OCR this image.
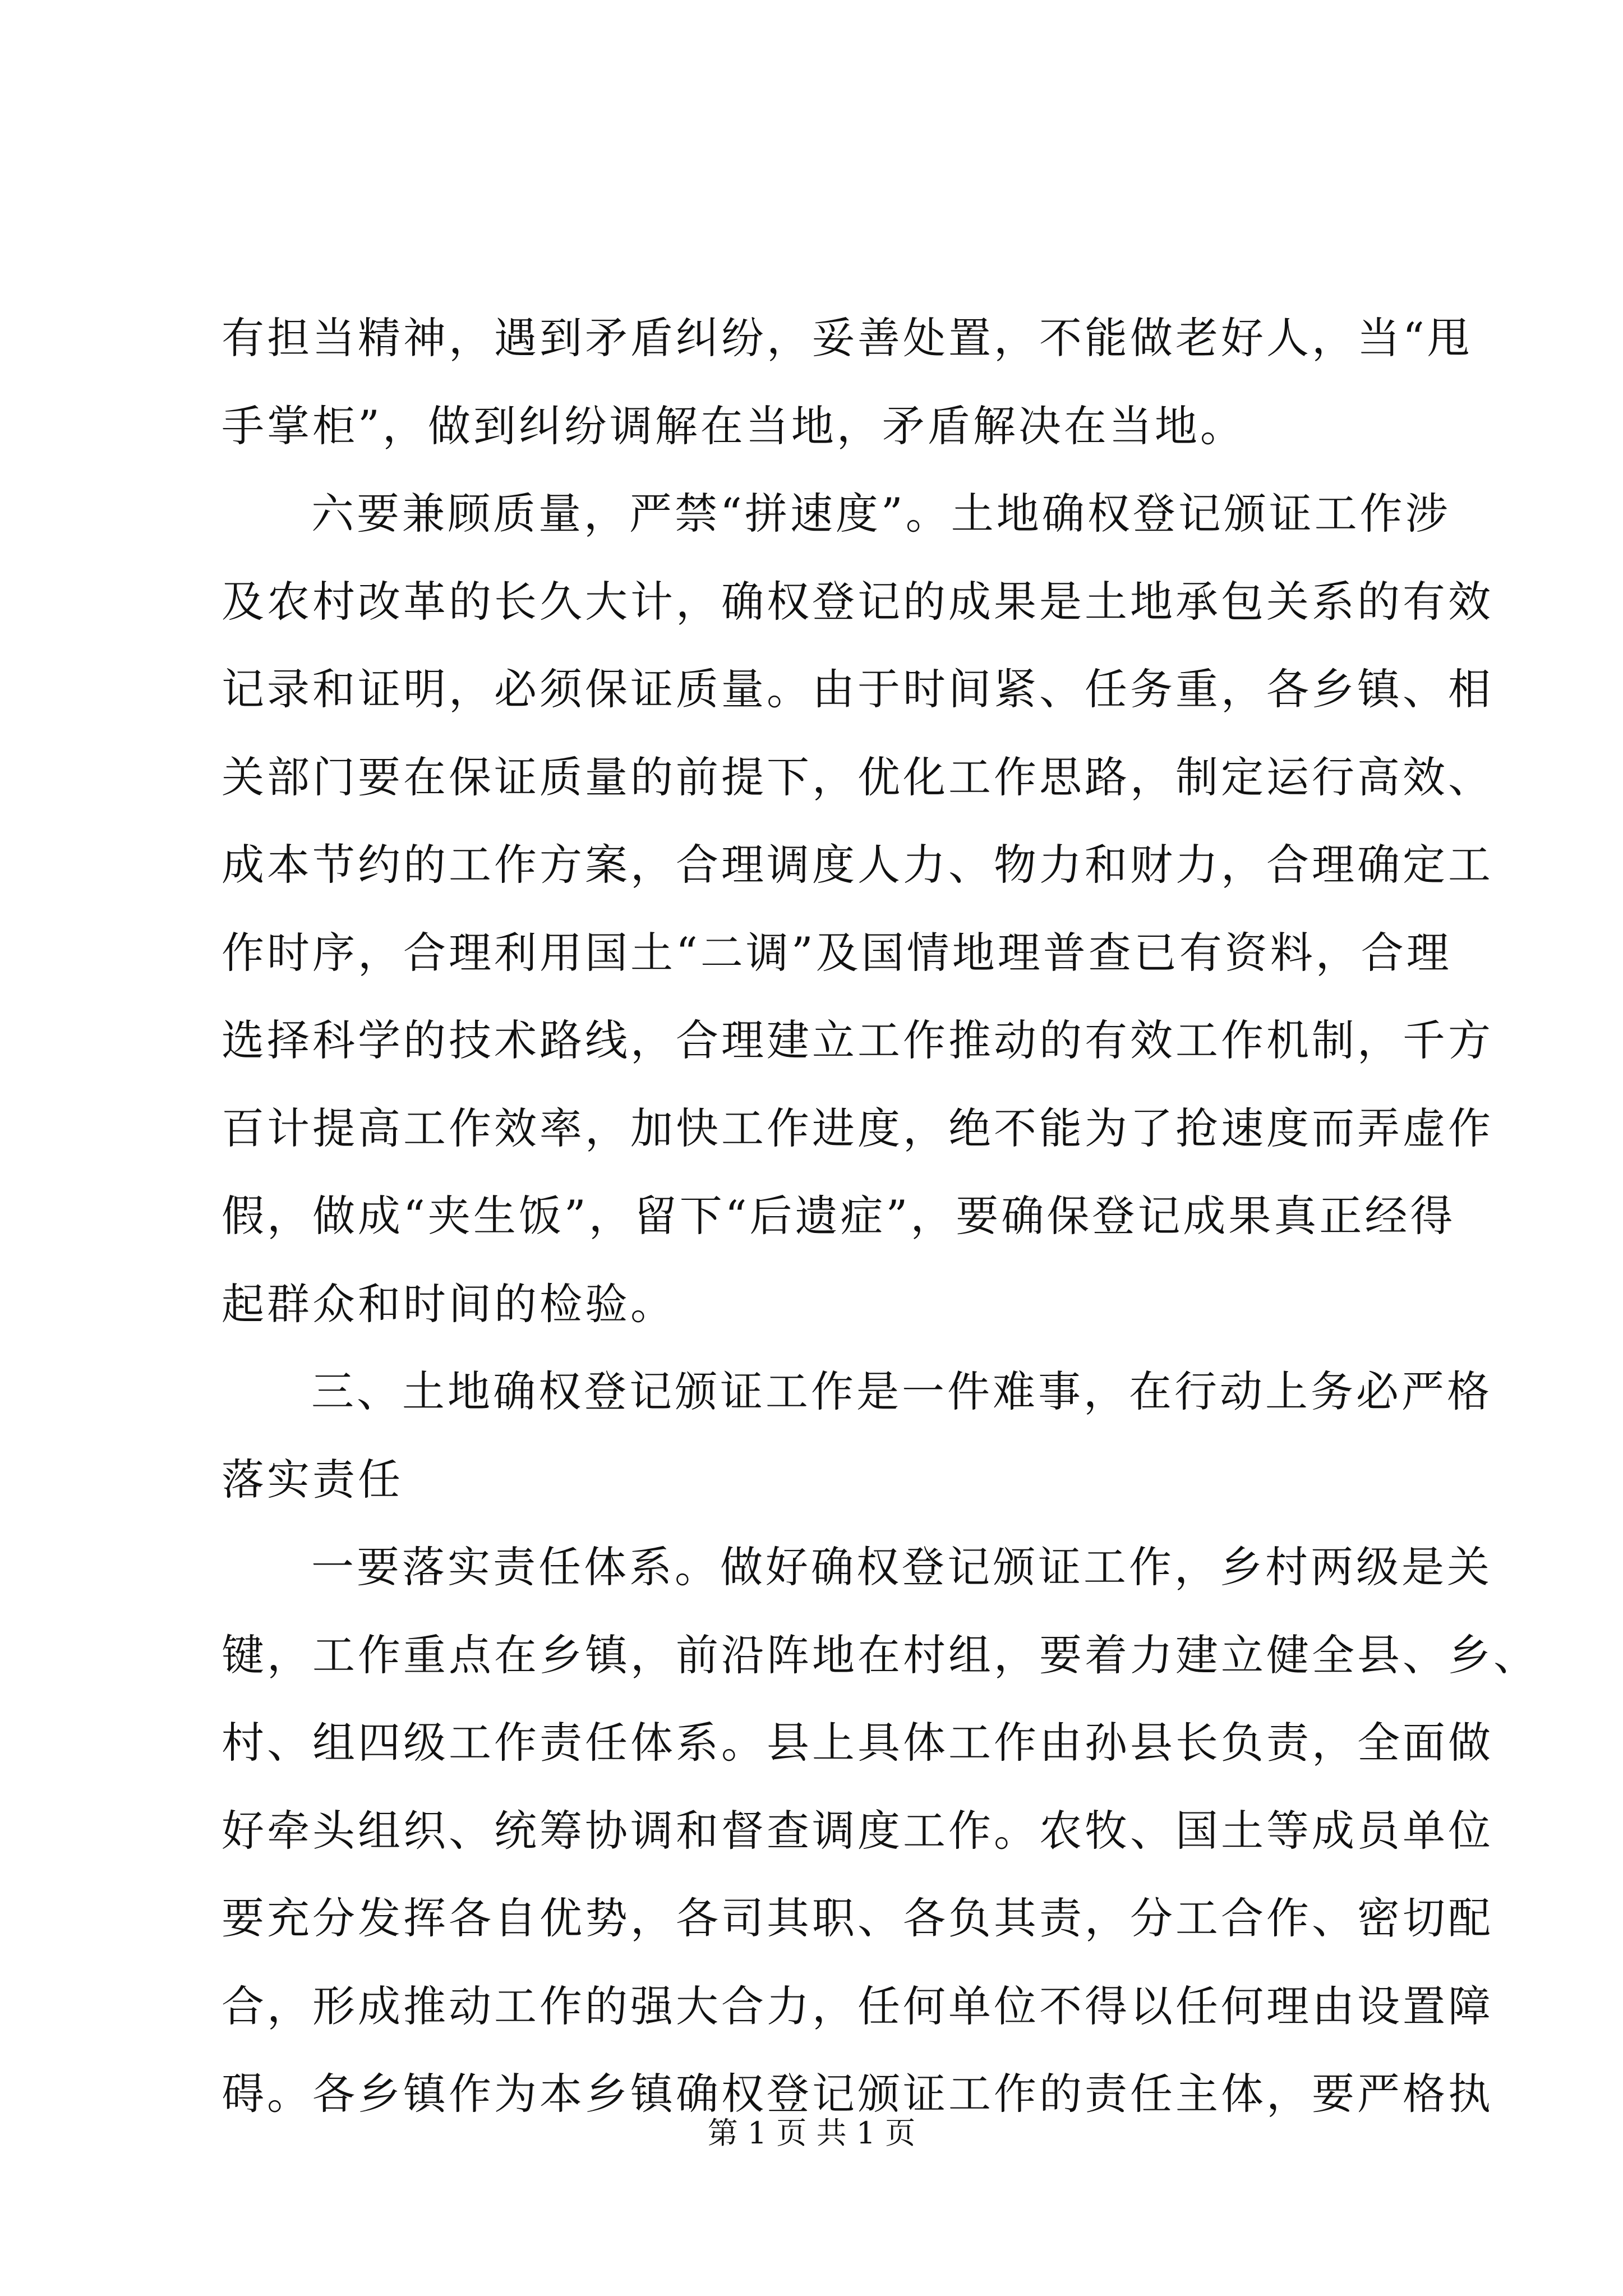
有担当精神，遇到矛盾纠纷，妥善处置，不能做老好人，当“甩
手掌柜”，做到纠纷调解在当地，矛盾解决在当地。
六要兼顾质量，严禁“拼速度”。土地确权登记颁证工作涉
及农村改革的长久大计，确权登记的成果是土地承包关系的有效
记录和证明，必须保证质量。由于时间紧、任务重，各乡镇、相
关部门要在保证质量的前提下，优化工作思路，制定运行高效、
成本节约的工作方案，合理调度人力、物力和财力，合理确定工
作时序，合理利用国土“二调”及国情地理普查已有资料，合理
选择科学的技术路线，合理建立工作推动的有效工作机制，千方
百计提高工作效率，加快工作进度，绝不能为了抢速度而弄虚作
假，做成“夹生饭”，留下“后遗症”，要确保登记成果真正经得
起群众和时间的检验。
三、土地确权登记颁证工作是一件难事，在行动上务必严格
落实责任
一要落实责任体系。做好确权登记颁证工作，乡村两级是关
键，工作重点在乡镇，前沿阵地在村组，要着力建立健全县、乡、
村、组四级工作责任体系。县上具体工作由孙县长负责，全面做
好牵头组织、统筹协调和督查调度工作。农牧、国土等成员单位
要充分发挥各自优势，各司其职、各负其责，分工合作、密切配
合，形成推动工作的强大合力，任何单位不得以任何理由设置障
碍。各乡镇作为本乡镇确权登记颁证工作的责任主体，要严格执
第 1 页 共 1 页
